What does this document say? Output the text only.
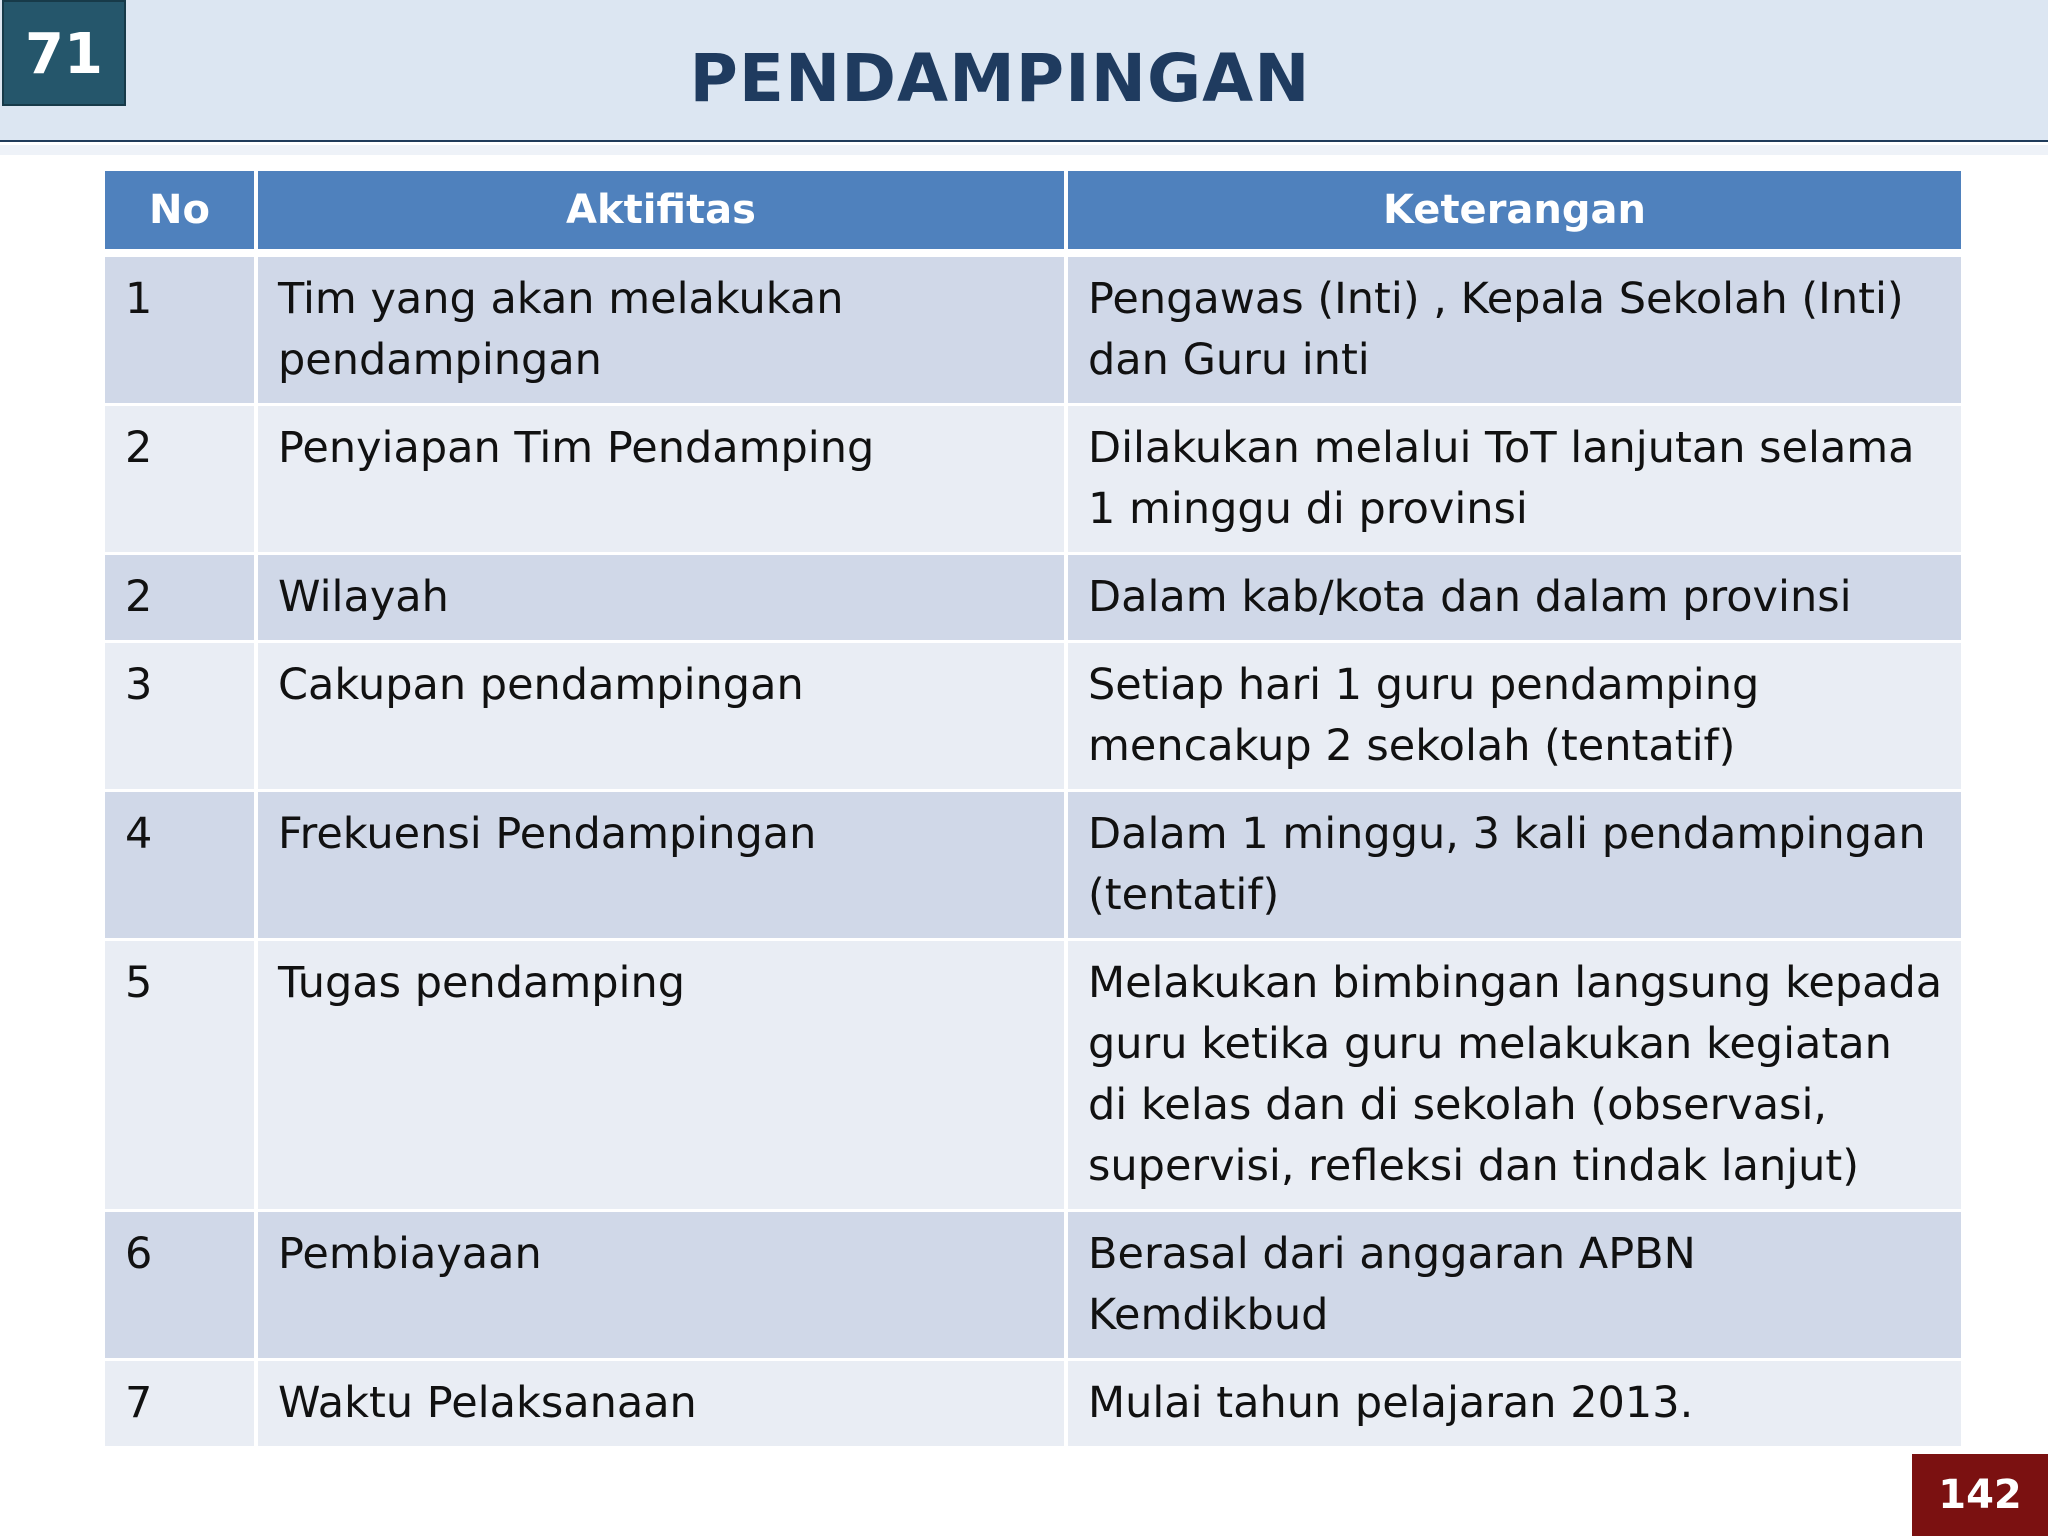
71	PENDAMPINGAN
No	Aktifitas	Keterangan
1	Tim yang akan melakukan pendampingan	Pengawas (Inti) , Kepala Sekolah (Inti) dan Guru inti
2	Penyiapan Tim Pendamping	Dilakukan melalui ToT lanjutan selama 1 minggu di provinsi
2	Wilayah	Dalam kab/kota dan dalam provinsi
3	Cakupan pendampingan	Setiap hari 1 guru pendamping mencakup 2 sekolah (tentatif)
4	Frekuensi Pendampingan	Dalam 1 minggu, 3 kali pendampingan (tentatif)
5	Tugas pendamping	Melakukan bimbingan langsung kepada guru ketika guru melakukan kegiatan di kelas dan di sekolah (observasi, supervisi, refleksi dan tindak lanjut)
6	Pembiayaan	Berasal dari anggaran APBN Kemdikbud
7	Waktu Pelaksanaan	Mulai tahun pelajaran 2013.
142
